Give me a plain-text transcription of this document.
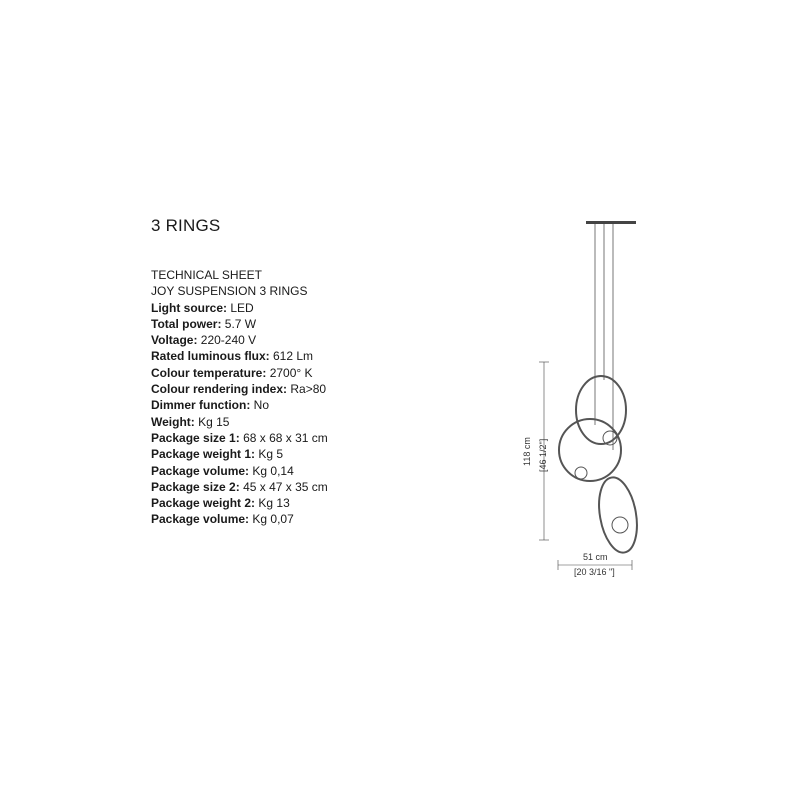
3 RINGS
TECHNICAL SHEET
JOY SUSPENSION 3 RINGS
Light source: LED
Total power: 5.7 W
Voltage: 220-240 V
Rated luminous flux: 612 Lm
Colour temperature: 2700° K
Colour rendering index: Ra>80
Dimmer function: No
Weight: Kg 15
Package size 1: 68 x 68 x 31 cm
Package weight 1: Kg 5
Package volume: Kg 0,14
Package size 2: 45 x 47 x 35 cm
Package weight 2: Kg 13
Package volume: Kg 0,07
118 cm [46 1/2"]
51 cm
[20 3/16 "]
